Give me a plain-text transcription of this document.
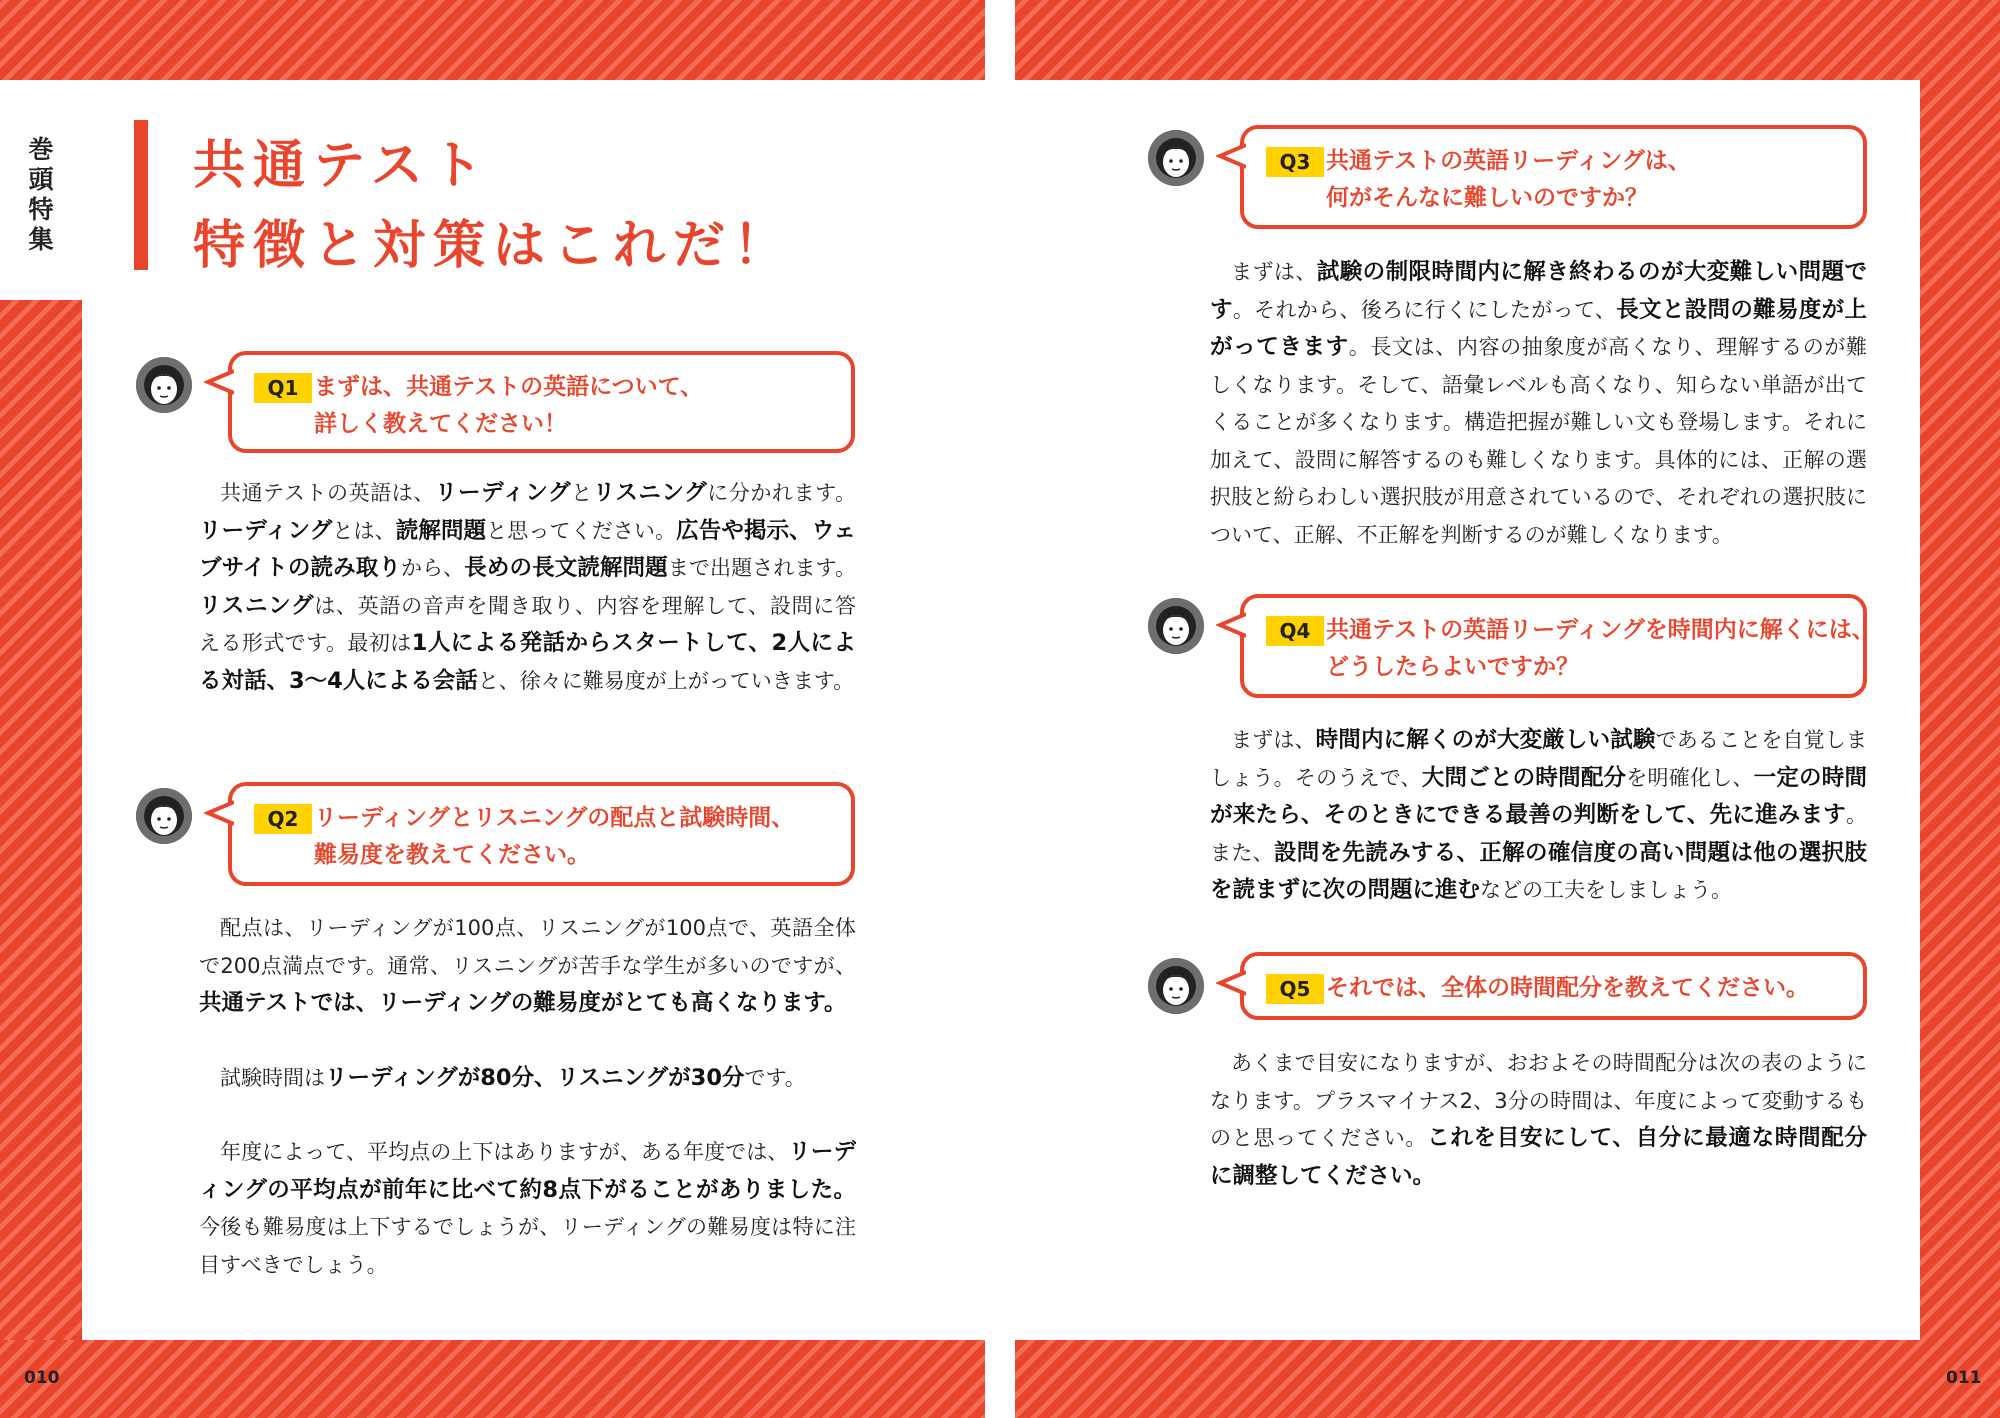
巻頭特集
共通テスト
特徴と対策はこれだ！
Q1 まずは、共通テストの英語について、
詳しく教えてください！

共通テストの英語は、リーディングとリスニングに分かれます。リーディングとは、読解問題と思ってください。広告や掲示、ウェブサイトの読み取りから、長めの長文読解問題まで出題されます。リスニングは、英語の音声を聞き取り、内容を理解して、設問に答える形式です。最初は1人による発話からスタートして、2人による対話、3〜4人による会話と、徐々に難易度が上がっていきます。

Q2 リーディングとリスニングの配点と試験時間、
難易度を教えてください。

配点は、リーディングが100点、リスニングが100点で、英語全体で200点満点です。通常、リスニングが苦手な学生が多いのですが、共通テストでは、リーディングの難易度がとても高くなります。

試験時間はリーディングが80分、リスニングが30分です。

年度によって、平均点の上下はありますが、ある年度では、リーディングの平均点が前年に比べて約8点下がることがありました。今後も難易度は上下するでしょうが、リーディングの難易度は特に注目すべきでしょう。

Q3 共通テストの英語リーディングは、
何がそんなに難しいのですか？

まずは、試験の制限時間内に解き終わるのが大変難しい問題です。それから、後ろに行くにしたがって、長文と設問の難易度が上がってきます。長文は、内容の抽象度が高くなり、理解するのが難しくなります。そして、語彙レベルも高くなり、知らない単語が出てくることが多くなります。構造把握が難しい文も登場します。それに加えて、設問に解答するのも難しくなります。具体的には、正解の選択肢と紛らわしい選択肢が用意されているので、それぞれの選択肢について、正解、不正解を判断するのが難しくなります。

Q4 共通テストの英語リーディングを時間内に解くには、
どうしたらよいですか？

まずは、時間内に解くのが大変厳しい試験であることを自覚しましょう。そのうえで、大問ごとの時間配分を明確化し、一定の時間が来たら、そのときにできる最善の判断をして、先に進みます。また、設問を先読みする、正解の確信度の高い問題は他の選択肢を読まずに次の問題に進むなどの工夫をしましょう。

Q5 それでは、全体の時間配分を教えてください。

あくまで目安になりますが、おおよその時間配分は次の表のようになります。プラスマイナス2、3分の時間は、年度によって変動するものと思ってください。これを目安にして、自分に最適な時間配分に調整してください。

010	011
